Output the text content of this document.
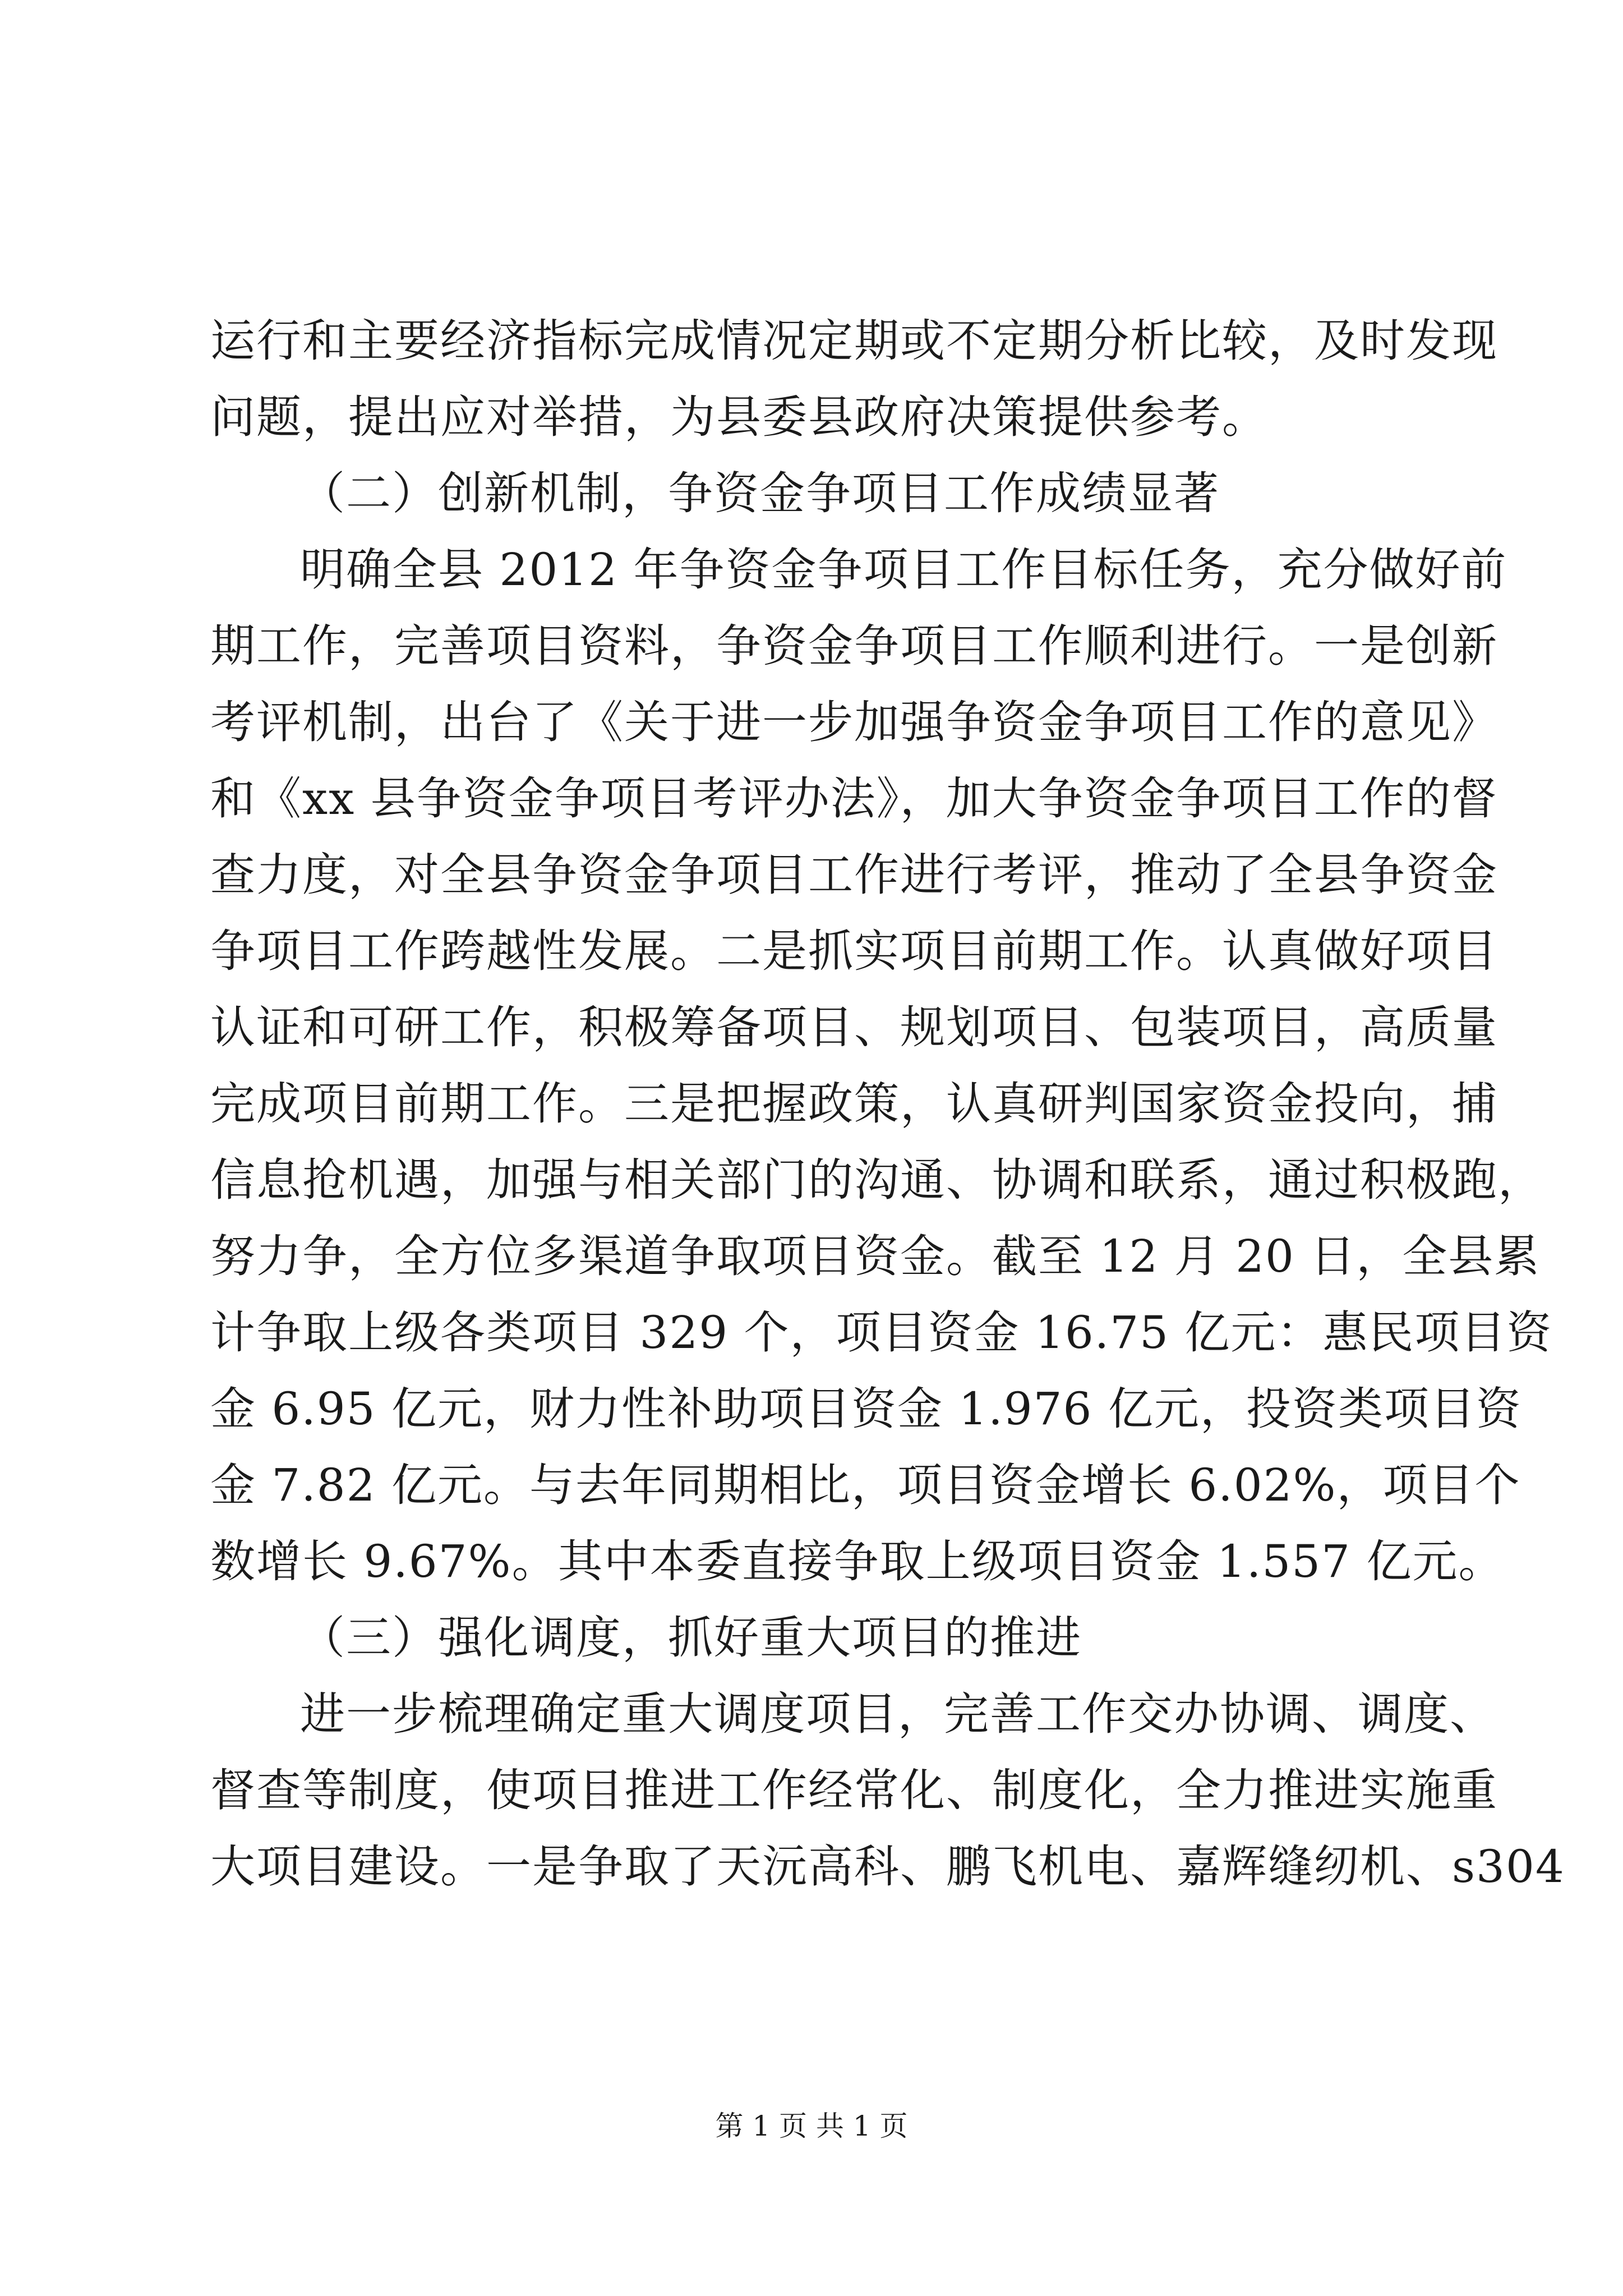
运行和主要经济指标完成情况定期或不定期分析比较，及时发现
问题，提出应对举措，为县委县政府决策提供参考。
（二）创新机制，争资金争项目工作成绩显著
明确全县 2012 年争资金争项目工作目标任务，充分做好前
期工作，完善项目资料，争资金争项目工作顺利进行。一是创新
考评机制，出台了《关于进一步加强争资金争项目工作的意见》
和《xx 县争资金争项目考评办法》，加大争资金争项目工作的督
查力度，对全县争资金争项目工作进行考评，推动了全县争资金
争项目工作跨越性发展。二是抓实项目前期工作。认真做好项目
认证和可研工作，积极筹备项目、规划项目、包装项目，高质量
完成项目前期工作。三是把握政策，认真研判国家资金投向，捕
信息抢机遇，加强与相关部门的沟通、协调和联系，通过积极跑，
努力争，全方位多渠道争取项目资金。截至 12 月 20 日，全县累
计争取上级各类项目 329 个，项目资金 16.75 亿元：惠民项目资
金 6.95 亿元，财力性补助项目资金 1.976 亿元，投资类项目资
金 7.82 亿元。与去年同期相比，项目资金增长 6.02%，项目个
数增长 9.67%。其中本委直接争取上级项目资金 1.557 亿元。
（三）强化调度，抓好重大项目的推进
进一步梳理确定重大调度项目，完善工作交办协调、调度、
督查等制度，使项目推进工作经常化、制度化，全力推进实施重
大项目建设。一是争取了天沅高科、鹏飞机电、嘉辉缝纫机、s304
第 1 页 共 1 页
